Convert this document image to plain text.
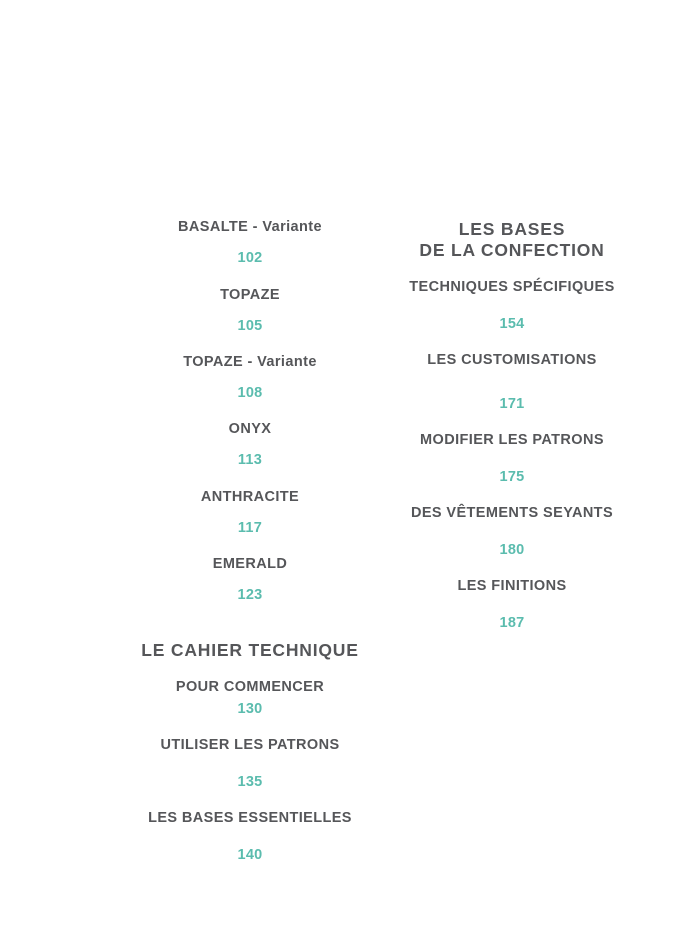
BASALTE - Variante
102
TOPAZE
105
TOPAZE - Variante
108
ONYX
113
ANTHRACITE
117
EMERALD
123
LE CAHIER TECHNIQUE
POUR COMMENCER
130
UTILISER LES PATRONS
135
LES BASES ESSENTIELLES
140
LES BASES
DE LA CONFECTION
TECHNIQUES SPÉCIFIQUES
154
LES CUSTOMISATIONS
171
MODIFIER LES PATRONS
175
DES VÊTEMENTS SEYANTS
180
LES FINITIONS
187
